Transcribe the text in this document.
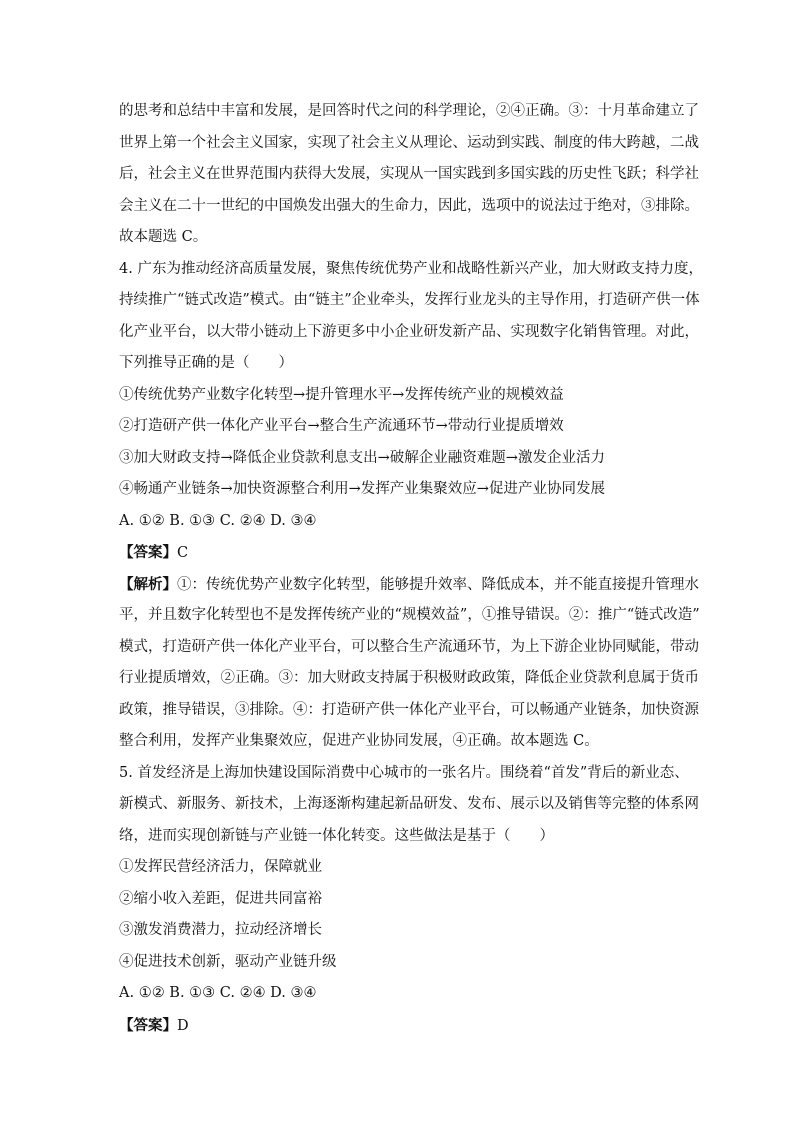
的思考和总结中丰富和发展，是回答时代之问的科学理论，②④正确。③：十月革命建立了
世界上第一个社会主义国家，实现了社会主义从理论、运动到实践、制度的伟大跨越，二战
后，社会主义在世界范围内获得大发展，实现从一国实践到多国实践的历史性飞跃；科学社
会主义在二十一世纪的中国焕发出强大的生命力，因此，选项中的说法过于绝对，③排除。
故本题选 C。
4. 广东为推动经济高质量发展，聚焦传统优势产业和战略性新兴产业，加大财政支持力度，
持续推广“链式改造”模式。由“链主”企业牵头，发挥行业龙头的主导作用，打造研产供一体
化产业平台，以大带小链动上下游更多中小企业研发新产品、实现数字化销售管理。对此，
下列推导正确的是（　　）
①传统优势产业数字化转型→提升管理水平→发挥传统产业的规模效益
②打造研产供一体化产业平台→整合生产流通环节→带动行业提质增效
③加大财政支持→降低企业贷款利息支出→破解企业融资难题→激发企业活力
④畅通产业链条→加快资源整合利用→发挥产业集聚效应→促进产业协同发展
A. ①② B. ①③ C. ②④ D. ③④
【答案】C
【解析】①：传统优势产业数字化转型，能够提升效率、降低成本，并不能直接提升管理水
平，并且数字化转型也不是发挥传统产业的“规模效益”，①推导错误。②：推广“链式改造”
模式，打造研产供一体化产业平台，可以整合生产流通环节，为上下游企业协同赋能，带动
行业提质增效，②正确。③：加大财政支持属于积极财政政策，降低企业贷款利息属于货币
政策，推导错误，③排除。④：打造研产供一体化产业平台，可以畅通产业链条，加快资源
整合利用，发挥产业集聚效应，促进产业协同发展，④正确。故本题选 C。
5. 首发经济是上海加快建设国际消费中心城市的一张名片。围绕着“首发”背后的新业态、
新模式、新服务、新技术，上海逐渐构建起新品研发、发布、展示以及销售等完整的体系网
络，进而实现创新链与产业链一体化转变。这些做法是基于（　　）
①发挥民营经济活力，保障就业
②缩小收入差距，促进共同富裕
③激发消费潜力，拉动经济增长
④促进技术创新，驱动产业链升级
A. ①② B. ①③ C. ②④ D. ③④
【答案】D
